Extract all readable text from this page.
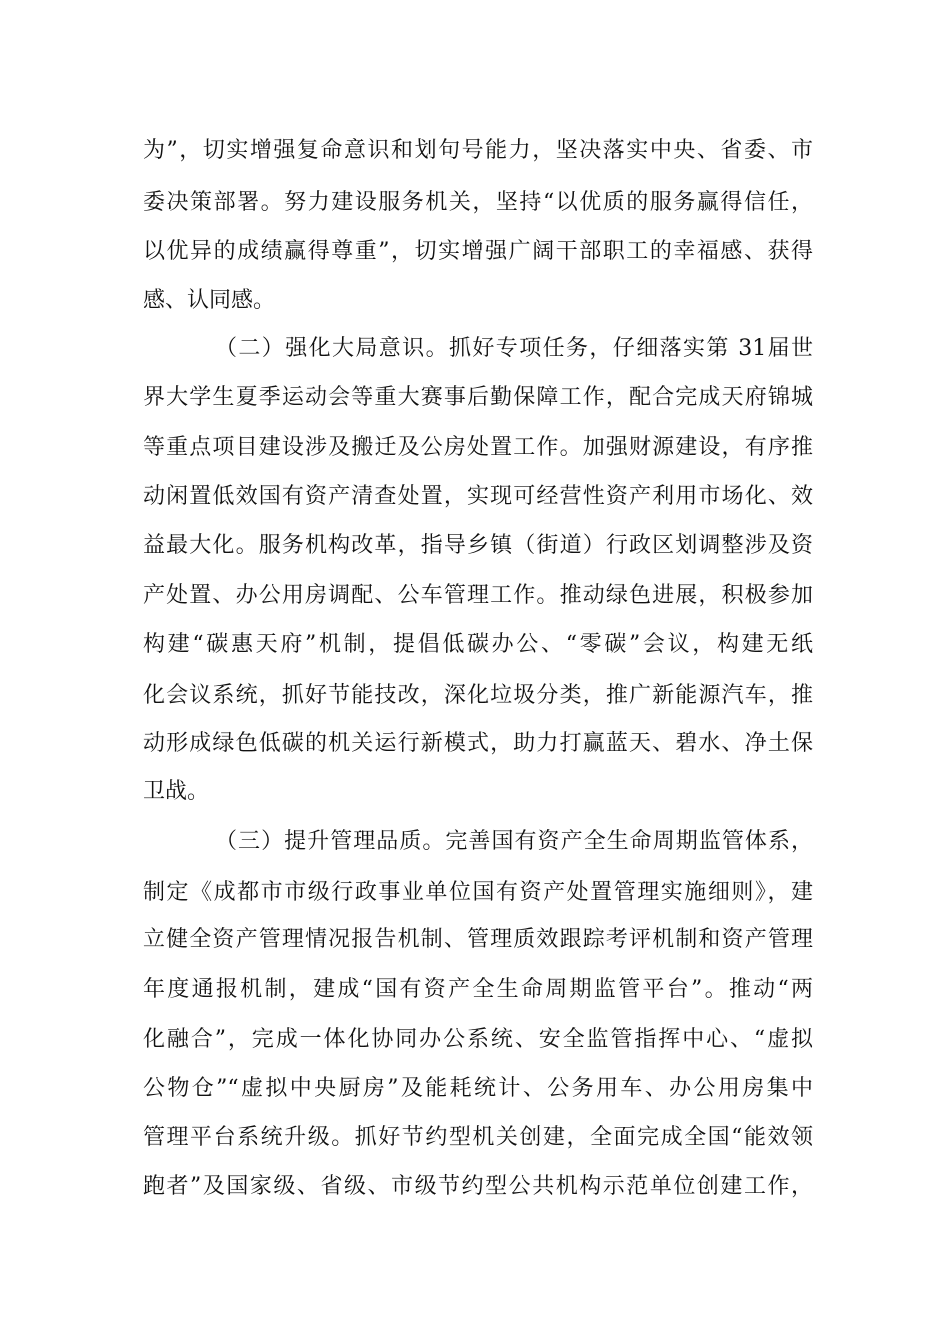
为”，切实增强复命意识和划句号能力，坚决落实中央、省委、市
委决策部署。努力建设服务机关，坚持“以优质的服务赢得信任，
以优异的成绩赢得尊重”，切实增强广阔干部职工的幸福感、获得
感、认同感。
（二）强化大局意识。抓好专项任务，仔细落实第 31届世
界大学生夏季运动会等重大赛事后勤保障工作，配合完成天府锦城
等重点项目建设涉及搬迁及公房处置工作。加强财源建设，有序推
动闲置低效国有资产清查处置，实现可经营性资产利用市场化、效
益最大化。服务机构改革，指导乡镇（街道）行政区划调整涉及资
产处置、办公用房调配、公车管理工作。推动绿色进展，积极参加
构建“碳惠天府”机制，提倡低碳办公、“零碳”会议，构建无纸
化会议系统，抓好节能技改，深化垃圾分类，推广新能源汽车，推
动形成绿色低碳的机关运行新模式，助力打赢蓝天、碧水、净土保
卫战。
（三）提升管理品质。完善国有资产全生命周期监管体系，
制定《成都市市级行政事业单位国有资产处置管理实施细则》，建
立健全资产管理情况报告机制、管理质效跟踪考评机制和资产管理
年度通报机制，建成“国有资产全生命周期监管平台”。推动“两
化融合”，完成一体化协同办公系统、安全监管指挥中心、“虚拟
公物仓”“虚拟中央厨房”及能耗统计、公务用车、办公用房集中
管理平台系统升级。抓好节约型机关创建，全面完成全国“能效领
跑者”及国家级、省级、市级节约型公共机构示范单位创建工作，
